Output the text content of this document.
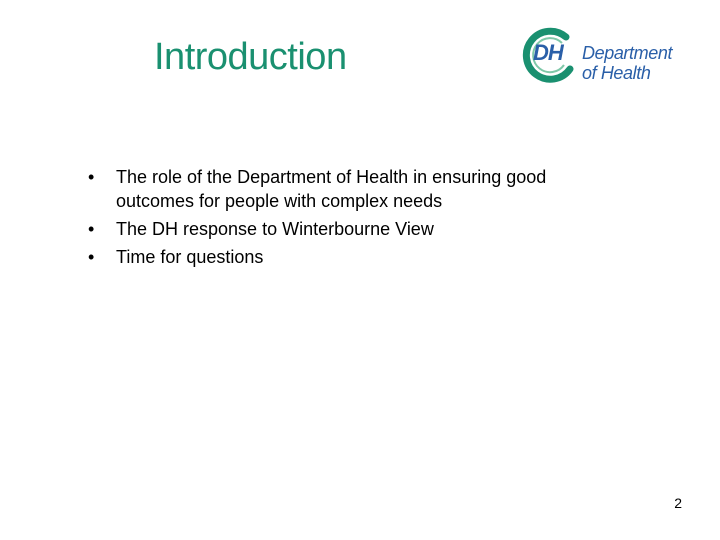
Introduction	DH Department
of Health
• The role of the Department of Health in ensuring good outcomes for people with complex needs
• The DH response to Winterbourne View
• Time for questions
2
